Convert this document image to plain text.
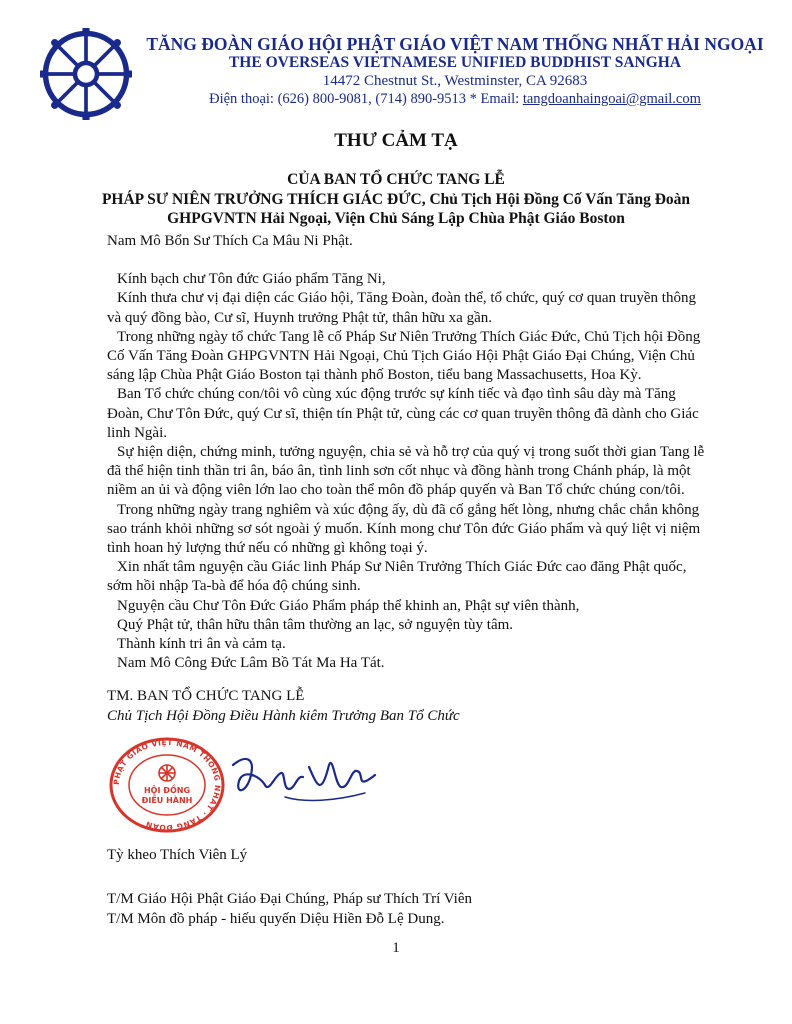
TĂNG ĐOÀN GIÁO HỘI PHẬT GIÁO VIỆT NAM THỐNG NHẤT HẢI NGOẠI
THE OVERSEAS VIETNAMESE UNIFIED BUDDHIST SANGHA
14472 Chestnut St., Westminster, CA 92683
Điện thoại: (626) 800-9081, (714) 890-9513 * Email: tangdoanhaingoai@gmail.com
THƯ CẢM TẠ
CỦA BAN TỔ CHỨC TANG LỄ
PHÁP SƯ NIÊN TRƯỞNG THÍCH GIÁC ĐỨC, Chủ Tịch Hội Đồng Cố Vấn Tăng Đoàn
GHPGVNTN Hải Ngoại, Viện Chủ Sáng Lập Chùa Phật Giáo Boston

Nam Mô Bổn Sư Thích Ca Mâu Ni Phật.

Kính bạch chư Tôn đức Giáo phẩm Tăng Ni,

Kính thưa chư vị đại diện các Giáo hội, Tăng Đoàn, đoàn thể, tổ chức, quý cơ quan truyền thông và quý đồng bào, Cư sĩ, Huynh trưởng Phật tử, thân hữu xa gần.

Trong những ngày tổ chức Tang lễ cố Pháp Sư Niên Trưởng Thích Giác Đức, Chủ Tịch hội Đồng Cố Vấn Tăng Đoàn GHPGVNTN Hải Ngoại, Chủ Tịch Giáo Hội Phật Giáo Đại Chúng, Viện Chủ sáng lập Chùa Phật Giáo Boston tại thành phố Boston, tiểu bang Massachusetts, Hoa Kỳ.

Ban Tổ chức chúng con/tôi vô cùng xúc động trước sự kính tiếc và đạo tình sâu dày mà Tăng Đoàn, Chư Tôn Đức, quý Cư sĩ, thiện tín Phật tử, cùng các cơ quan truyền thông đã dành cho Giác linh Ngài.

Sự hiện diện, chứng minh, tưởng nguyện, chia sẻ và hỗ trợ của quý vị trong suốt thời gian Tang lễ đã thể hiện tinh thần tri ân, báo ân, tình linh sơn cốt nhục và đồng hành trong Chánh pháp, là một niềm an ủi và động viên lớn lao cho toàn thể môn đồ pháp quyến và Ban Tổ chức chúng con/tôi.

Trong những ngày trang nghiêm và xúc động ấy, dù đã cố gắng hết lòng, nhưng chắc chắn không sao tránh khỏi những sơ sót ngoài ý muốn. Kính mong chư Tôn đức Giáo phẩm và quý liệt vị niệm tình hoan hỷ lượng thứ nếu có những gì không toại ý.

Xin nhất tâm nguyện cầu Giác linh Pháp Sư Niên Trưởng Thích Giác Đức cao đăng Phật quốc, sớm hồi nhập Ta-bà để hóa độ chúng sinh.

Nguyện cầu Chư Tôn Đức Giáo Phẩm pháp thể khinh an, Phật sự viên thành,

Quý Phật tử, thân hữu thân tâm thường an lạc, sở nguyện tùy tâm.

Thành kính tri ân và cảm tạ.

Nam Mô Công Đức Lâm Bồ Tát Ma Ha Tát.

TM. BAN TỔ CHỨC TANG LỄ
Chủ Tịch Hội Đồng Điều Hành kiêm Trưởng Ban Tổ Chức
PHẬT GIÁO VIỆT NAM THỐNG NHẤT · TĂNG ĐOÀN
HỘI ĐỒNG
ĐIỀU HÀNH
Tỳ kheo Thích Viên Lý
T/M Giáo Hội Phật Giáo Đại Chúng, Pháp sư Thích Trí Viên
T/M Môn đồ pháp - hiếu quyến Diệu Hiền Đỗ Lệ Dung.
1
